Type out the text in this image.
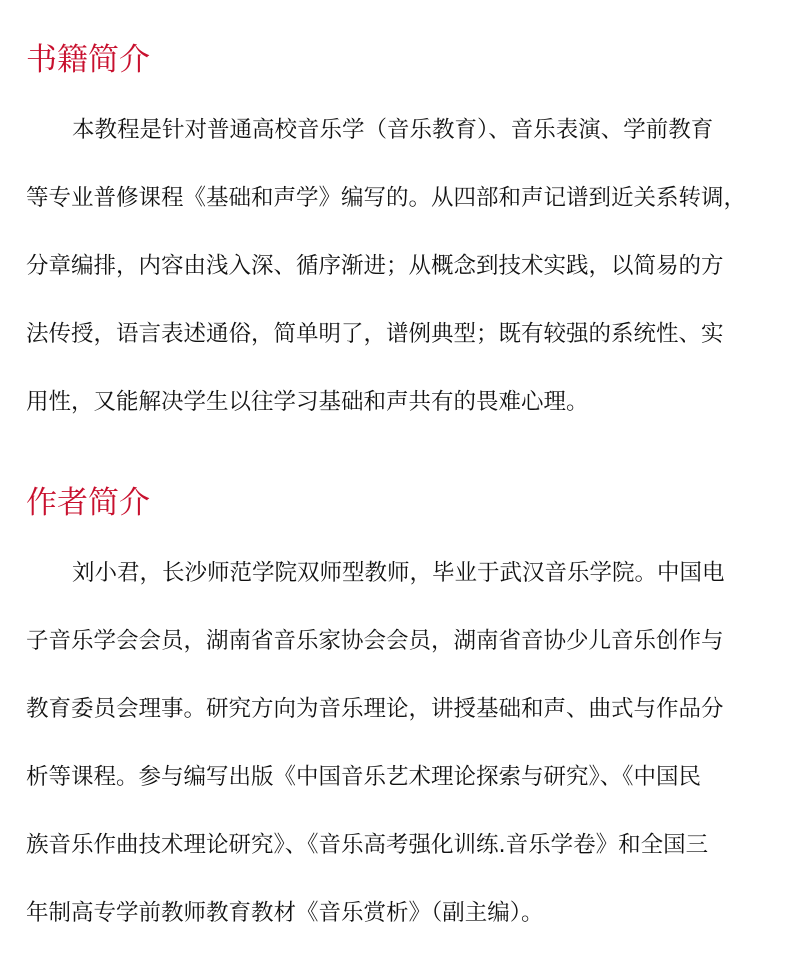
书籍简介
本教程是针对普通高校音乐学（音乐教育）、音乐表演、学前教育
等专业普修课程《基础和声学》编写的。从四部和声记谱到近关系转调，
分章编排，内容由浅入深、循序渐进；从概念到技术实践，以简易的方
法传授，语言表述通俗，简单明了，谱例典型；既有较强的系统性、实
用性，又能解决学生以往学习基础和声共有的畏难心理。
作者简介
刘小君，长沙师范学院双师型教师，毕业于武汉音乐学院。中国电
子音乐学会会员，湖南省音乐家协会会员，湖南省音协少儿音乐创作与
教育委员会理事。研究方向为音乐理论，讲授基础和声、曲式与作品分
析等课程。参与编写出版《中国音乐艺术理论探索与研究》、《中国民
族音乐作曲技术理论研究》、《音乐高考强化训练.音乐学卷》和全国三
年制高专学前教师教育教材《音乐赏析》（副主编）。
